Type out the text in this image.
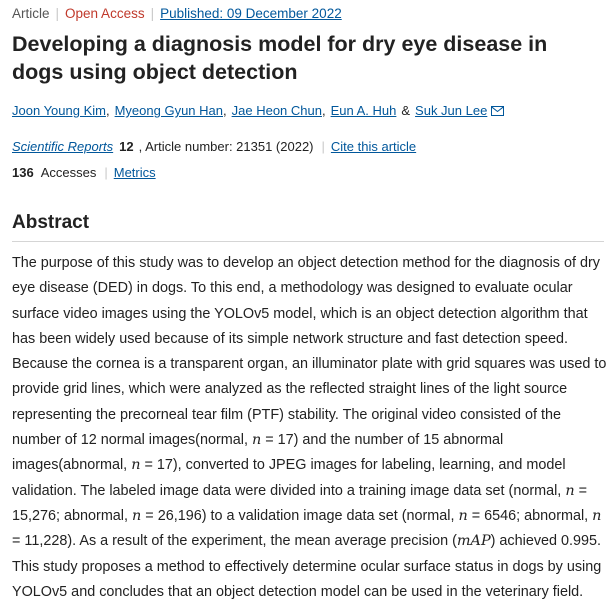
Article | Open Access | Published: 09 December 2022
Developing a diagnosis model for dry eye disease in dogs using object detection
Joon Young Kim , Myeong Gyun Han , Jae Heon Chun , Eun A. Huh & Suk Jun Lee
Scientific Reports 12 , Article number: 21351 (2022) | Cite this article
136 Accesses | Metrics
Abstract

The purpose of this study was to develop an object detection method for the diagnosis of dry
eye disease (DED) in dogs. To this end, a methodology was designed to evaluate ocular
surface video images using the YOLOv5 model, which is an object detection algorithm that
has been widely used because of its simple network structure and fast detection speed.
Because the cornea is a transparent organ, an illuminator plate with grid squares was used to
provide grid lines, which were analyzed as the reflected straight lines of the light source
representing the precorneal tear film (PTF) stability. The original video consisted of the
number of 12 normal images(normal, n = 17) and the number of 15 abnormal
images(abnormal, n = 17), converted to JPEG images for labeling, learning, and model
validation. The labeled image data were divided into a training image data set (normal, n =
15,276; abnormal, n = 26,196) to a validation image data set (normal, n = 6546; abnormal, n
= 11,228). As a result of the experiment, the mean average precision (mAP) achieved 0.995.
This study proposes a method to effectively determine ocular surface status in dogs by using
YOLOv5 and concludes that an object detection model can be used in the veterinary field.
